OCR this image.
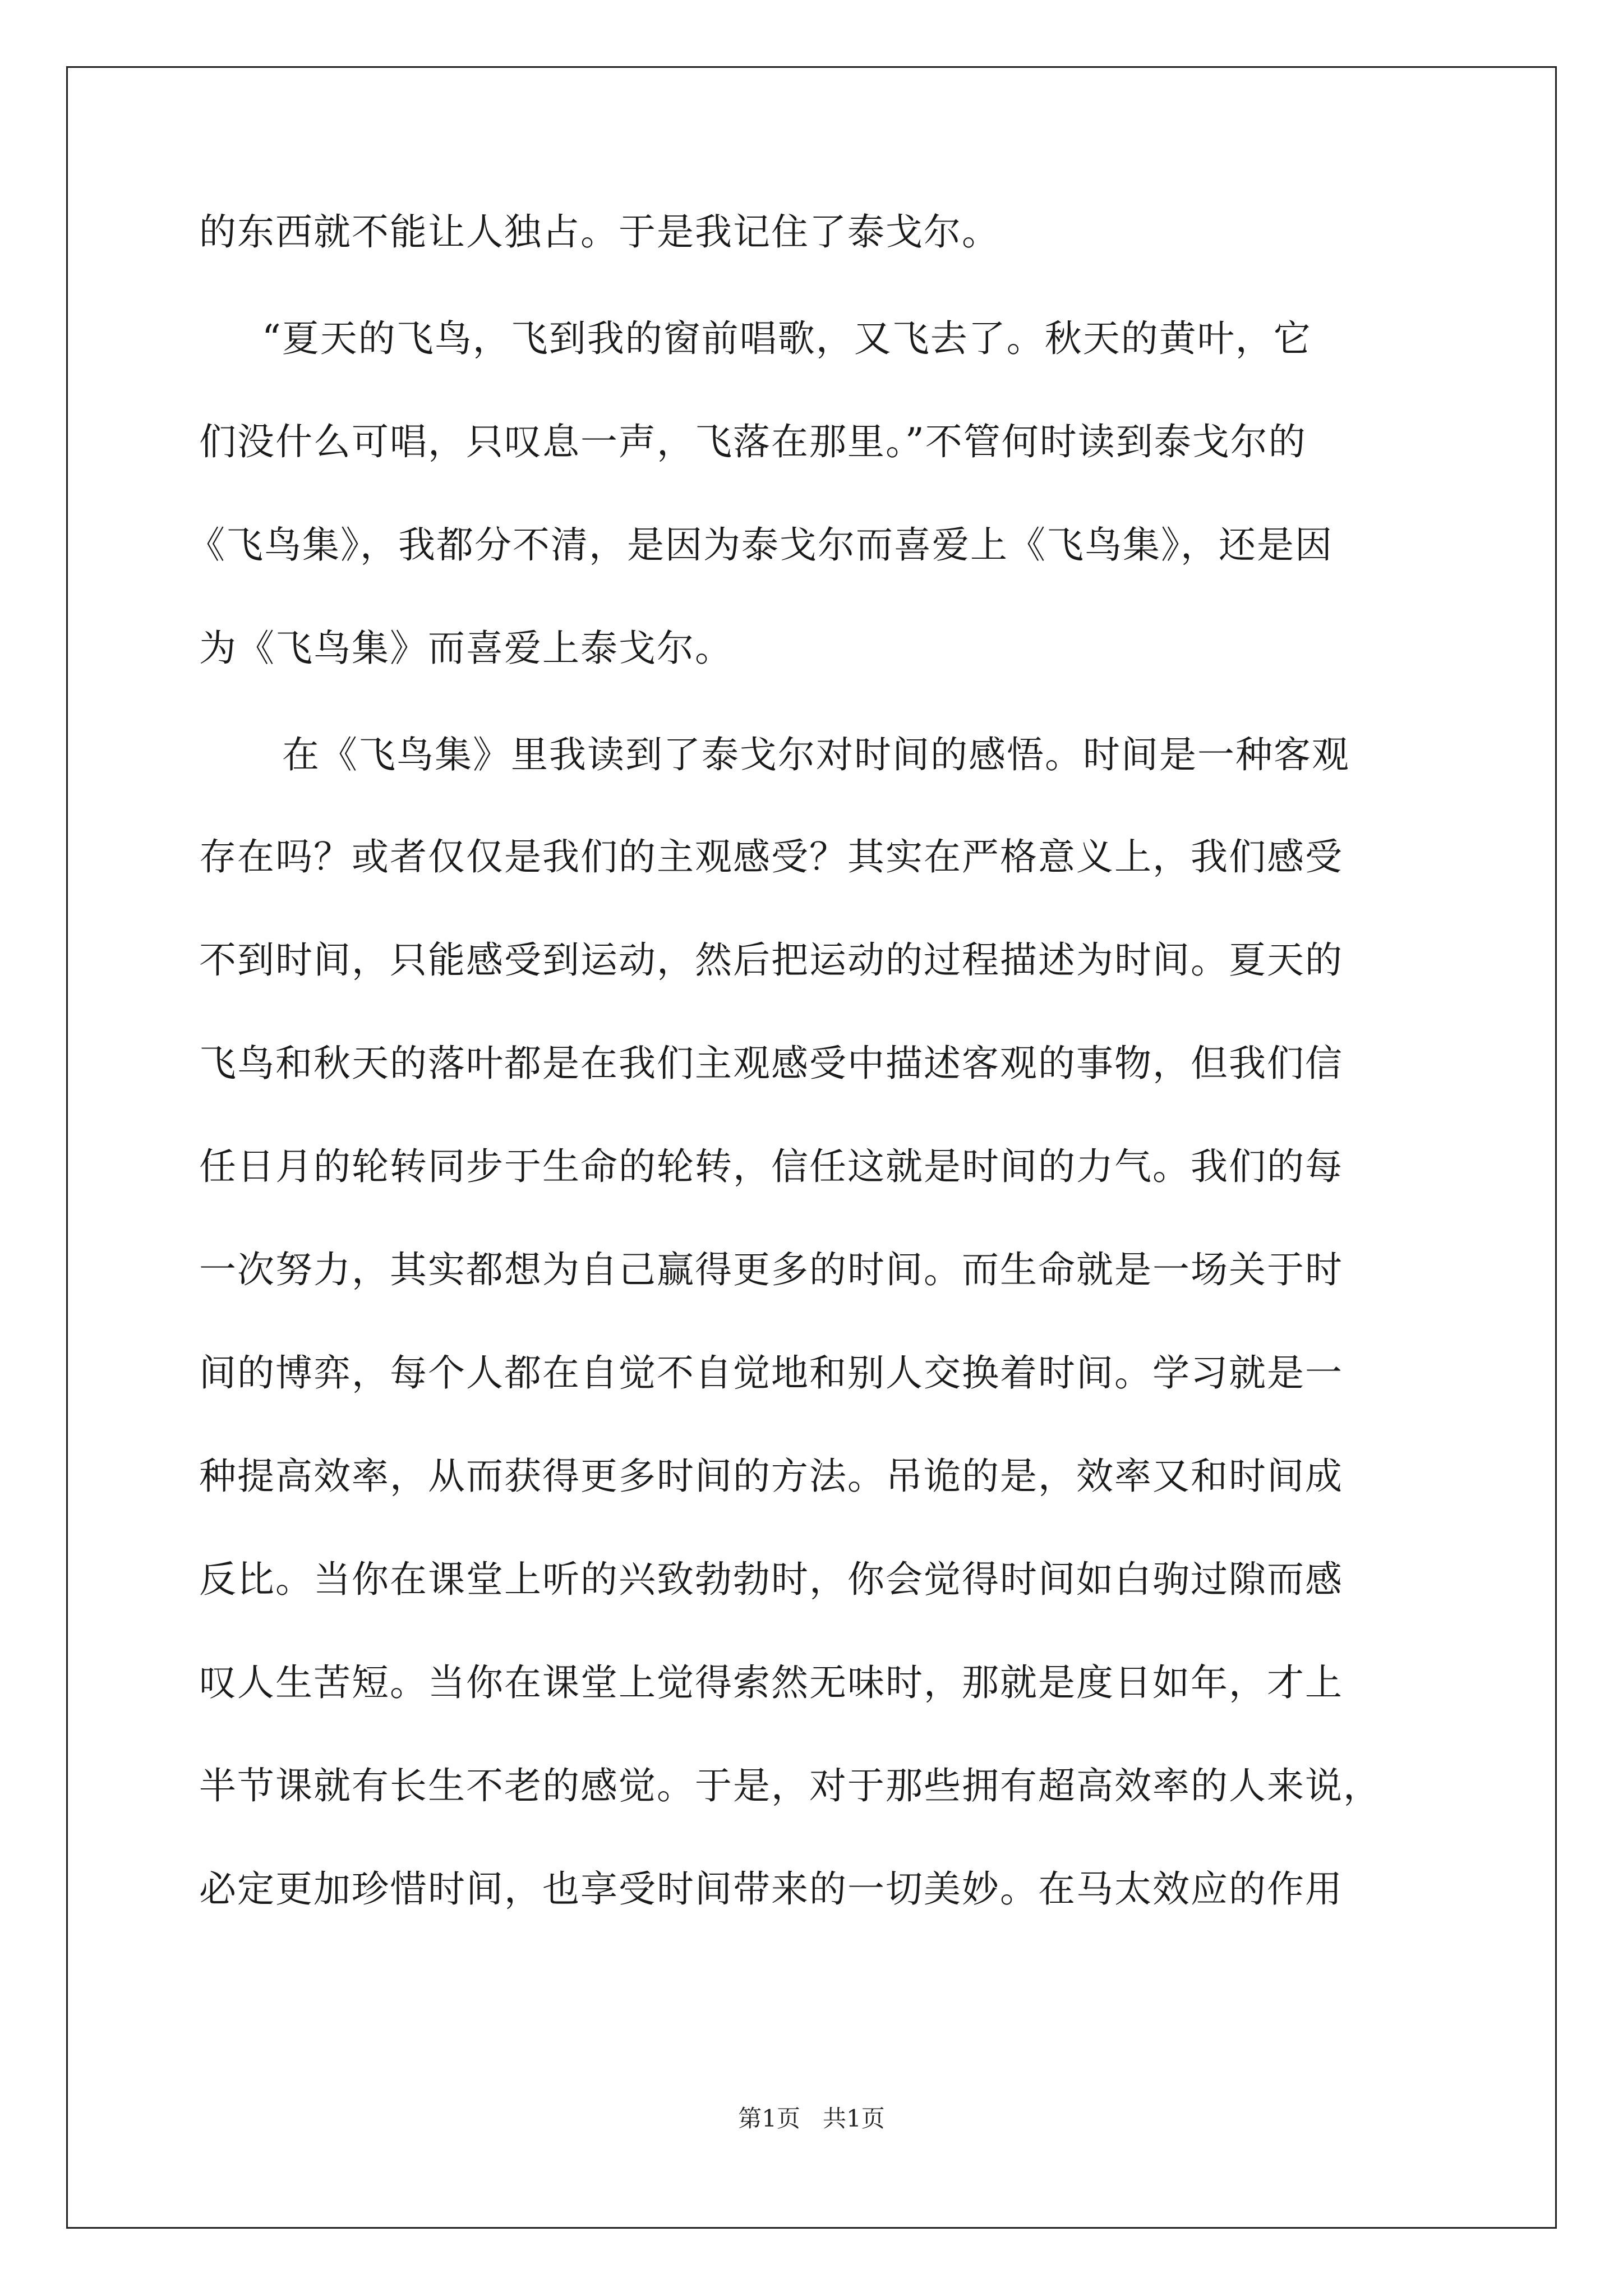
的东西就不能让人独占。于是我记住了泰戈尔。
“夏天的飞鸟，飞到我的窗前唱歌，又飞去了。秋天的黄叶，它
们没什么可唱，只叹息一声，飞落在那里。”不管何时读到泰戈尔的
《飞鸟集》，我都分不清，是因为泰戈尔而喜爱上《飞鸟集》，还是因
为《飞鸟集》而喜爱上泰戈尔。
在《飞鸟集》里我读到了泰戈尔对时间的感悟。时间是一种客观
存在吗？或者仅仅是我们的主观感受？其实在严格意义上，我们感受
不到时间，只能感受到运动，然后把运动的过程描述为时间。夏天的
飞鸟和秋天的落叶都是在我们主观感受中描述客观的事物，但我们信
任日月的轮转同步于生命的轮转，信任这就是时间的力气。我们的每
一次努力，其实都想为自己赢得更多的时间。而生命就是一场关于时
间的博弈，每个人都在自觉不自觉地和别人交换着时间。学习就是一
种提高效率，从而获得更多时间的方法。吊诡的是，效率又和时间成
反比。当你在课堂上听的兴致勃勃时，你会觉得时间如白驹过隙而感
叹人生苦短。当你在课堂上觉得索然无味时，那就是度日如年，才上
半节课就有长生不老的感觉。于是，对于那些拥有超高效率的人来说，
必定更加珍惜时间，也享受时间带来的一切美妙。在马太效应的作用
第1页 共1页
